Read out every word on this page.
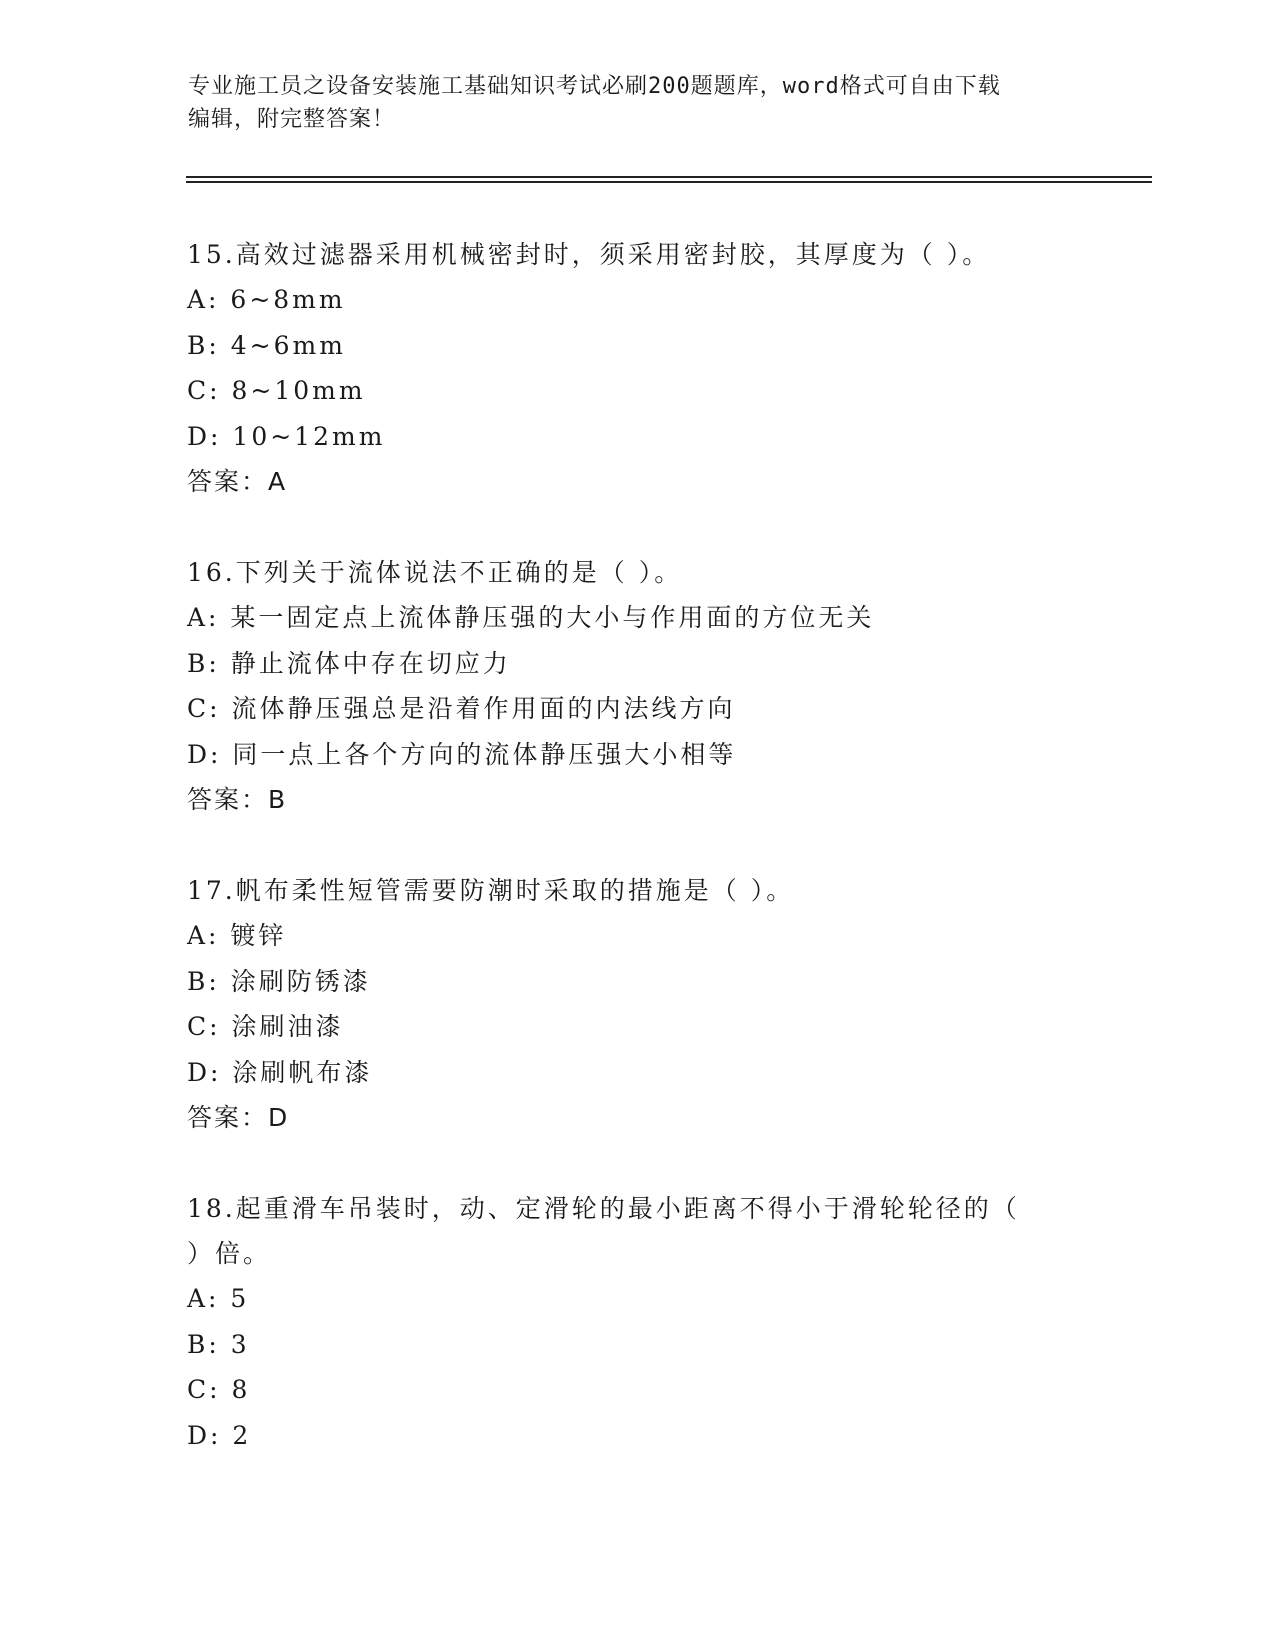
专业施工员之设备安装施工基础知识考试必刷200题题库，word格式可自由下载
编辑，附完整答案！
15.高效过滤器采用机械密封时，须采用密封胶，其厚度为（ ）。
A: 6~8mm
B: 4~6mm
C: 8~10mm
D: 10~12mm
答案：A
16.下列关于流体说法不正确的是（ ）。
A: 某一固定点上流体静压强的大小与作用面的方位无关
B: 静止流体中存在切应力
C: 流体静压强总是沿着作用面的内法线方向
D: 同一点上各个方向的流体静压强大小相等
答案：B
17.帆布柔性短管需要防潮时采取的措施是（ ）。
A: 镀锌
B: 涂刷防锈漆
C: 涂刷油漆
D: 涂刷帆布漆
答案：D
18.起重滑车吊装时，动、定滑轮的最小距离不得小于滑轮轮径的（
）倍。
A: 5
B: 3
C: 8
D: 2
